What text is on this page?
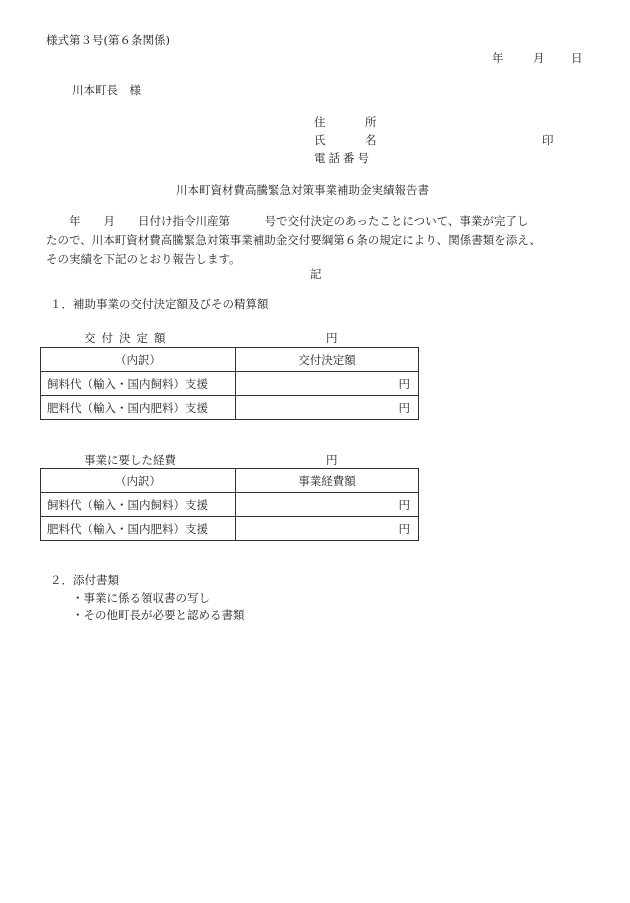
様式第３号(第６条関係)
年	月 日
川本町長　様
住　所
氏　名	印
電話番号
川本町資材費高騰緊急対策事業補助金実績報告書
　　年　　月　　日付け指令川産第　　　号で交付決定のあったことについて、事業が完了し
たので、川本町資材費高騰緊急対策事業補助金交付要綱第６条の規定により、関係書類を添え、
その実績を下記のとおり報告します。
記
１．補助事業の交付決定額及びその精算額
交付決定額	円
（内訳）	交付決定額
飼料代（輸入・国内飼料）支援	円
肥料代（輸入・国内肥料）支援	円
事業に要した経費	円
（内訳）	事業経費額
飼料代（輸入・国内飼料）支援	円
肥料代（輸入・国内肥料）支援	円
２．添付書類
・事業に係る領収書の写し
・その他町長が必要と認める書類
